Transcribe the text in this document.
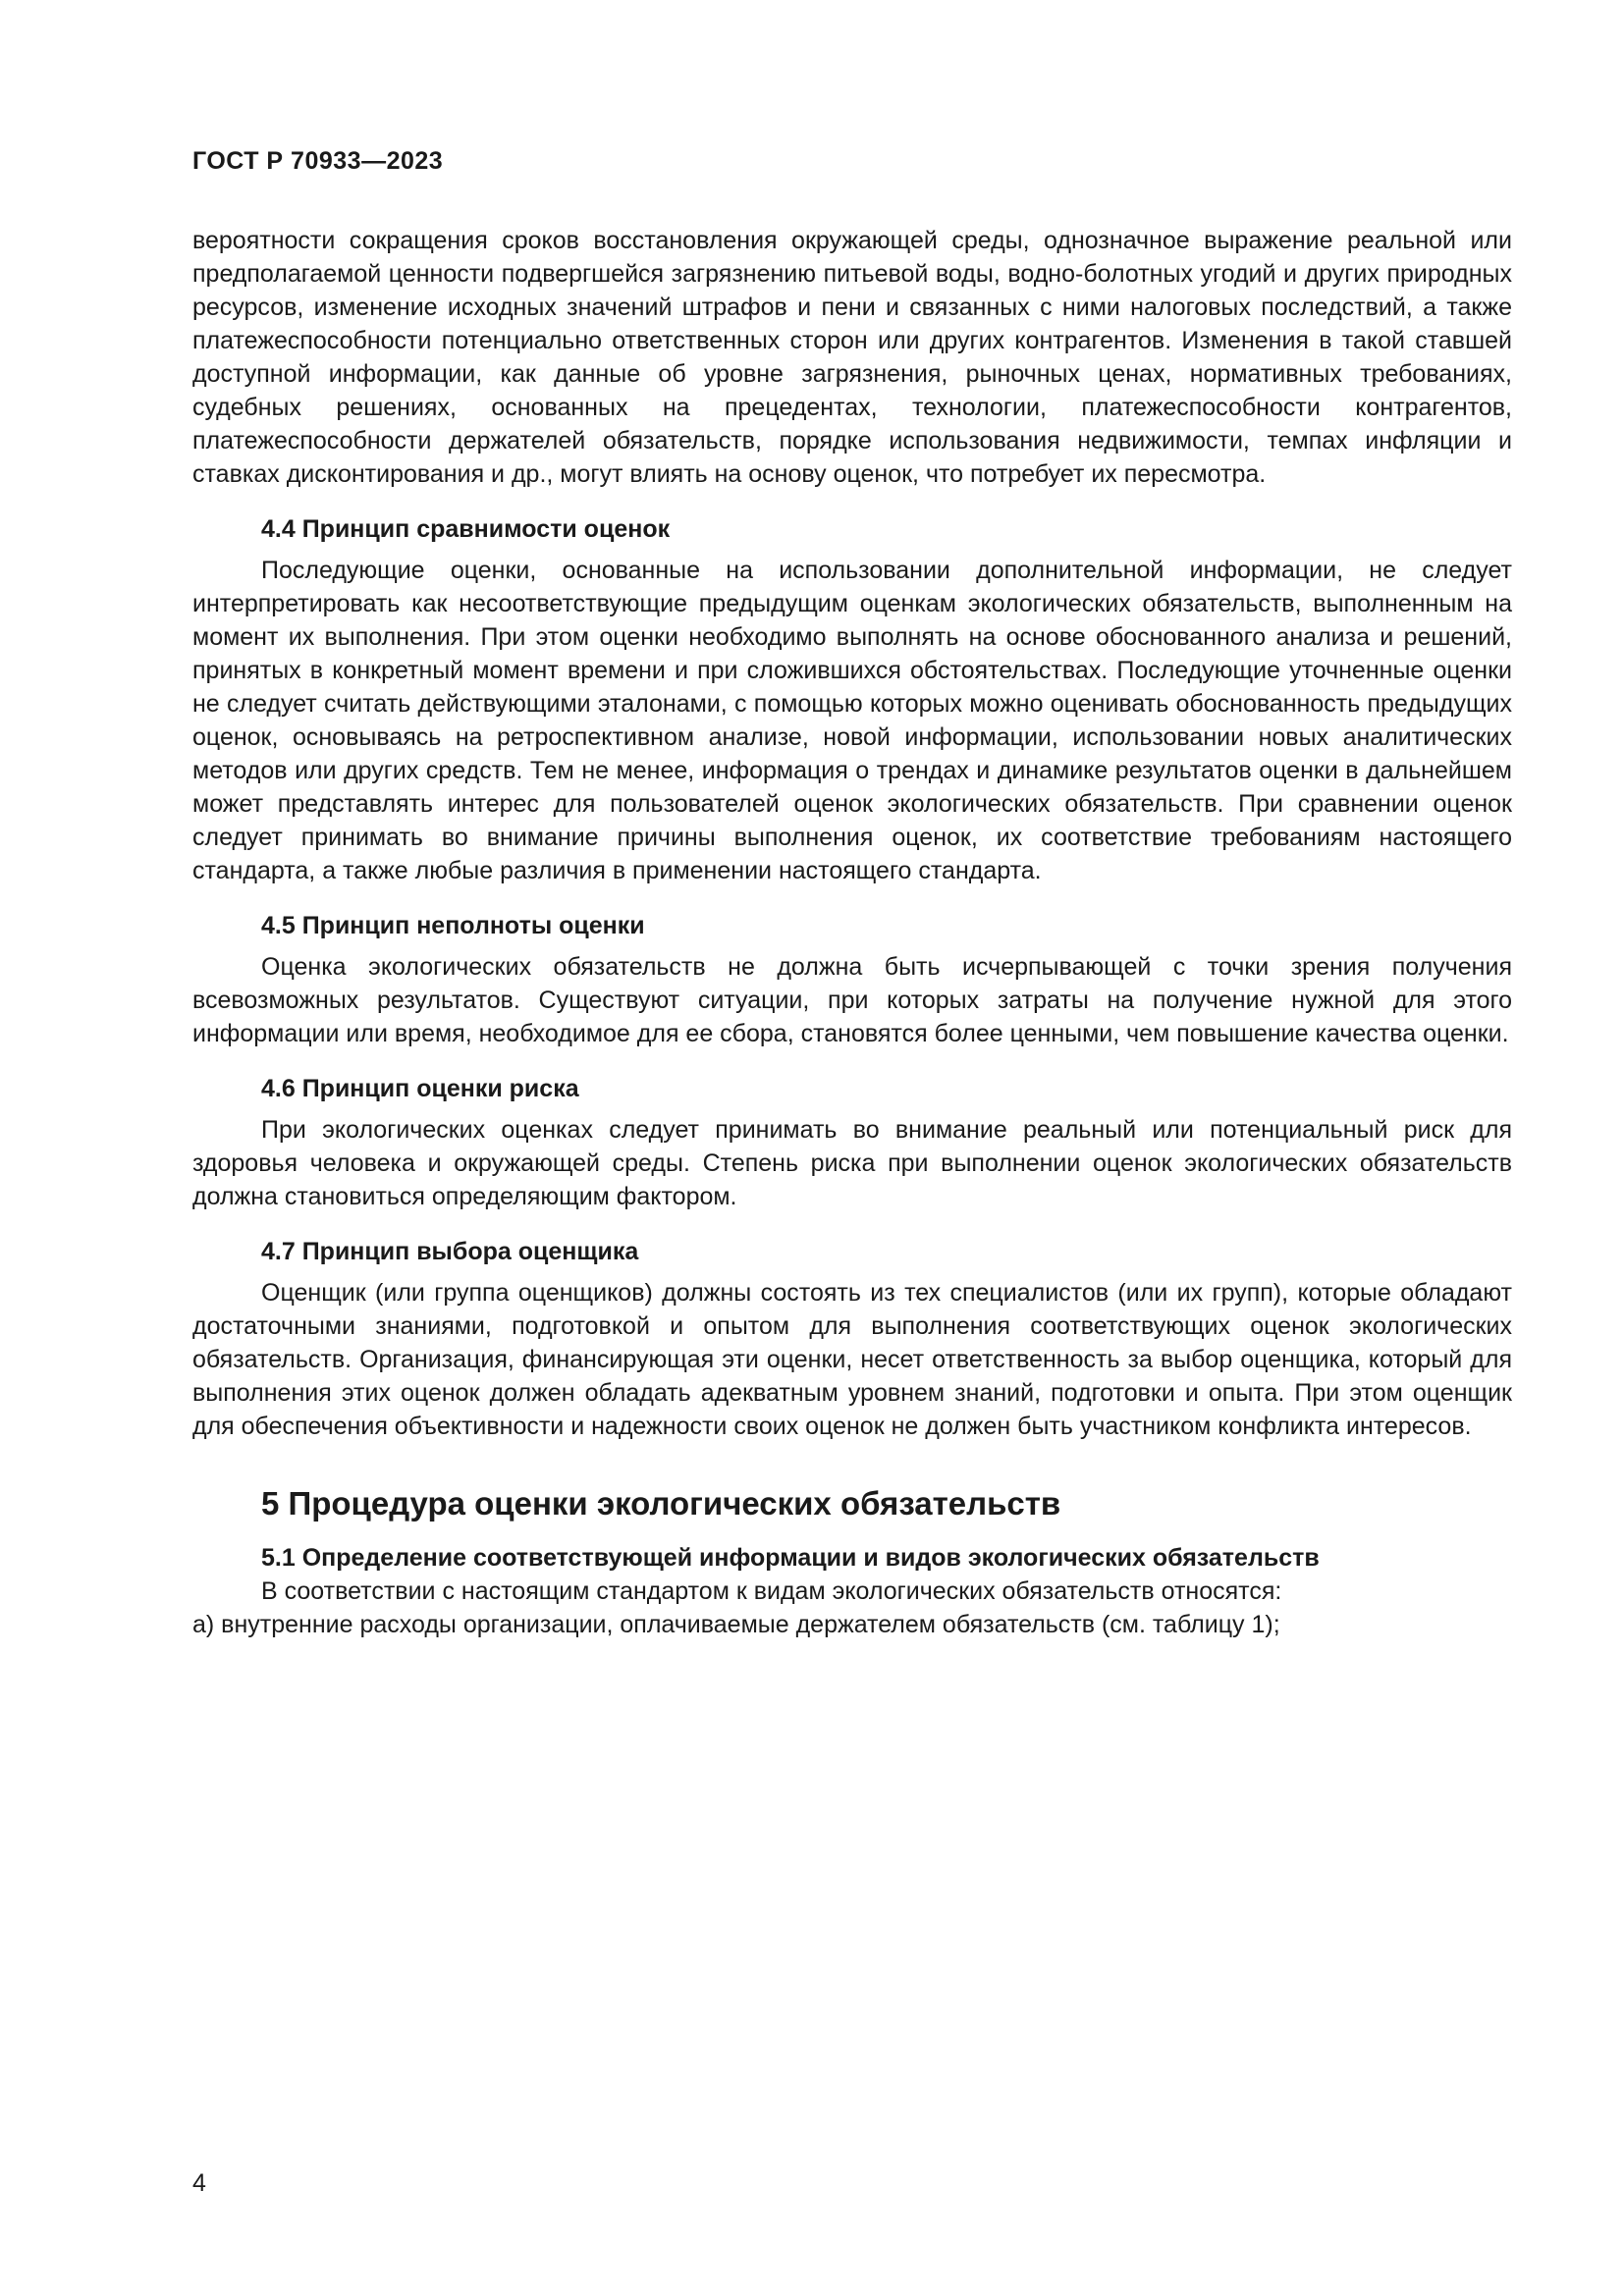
ГОСТ Р 70933—2023

вероятности сокращения сроков восстановления окружающей среды, однозначное выражение реальной или предполагаемой ценности подвергшейся загрязнению питьевой воды, водно-болотных угодий и других природных ресурсов, изменение исходных значений штрафов и пени и связанных с ними налоговых последствий, а также платежеспособности потенциально ответственных сторон или других контрагентов. Изменения в такой ставшей доступной информации, как данные об уровне загрязнения, рыночных ценах, нормативных требованиях, судебных решениях, основанных на прецедентах, технологии, платежеспособности контрагентов, платежеспособности держателей обязательств, порядке использования недвижимости, темпах инфляции и ставках дисконтирования и др., могут влиять на основу оценок, что потребует их пересмотра.

4.4 Принцип сравнимости оценок

Последующие оценки, основанные на использовании дополнительной информации, не следует интерпретировать как несоответствующие предыдущим оценкам экологических обязательств, выполненным на момент их выполнения. При этом оценки необходимо выполнять на основе обоснованного анализа и решений, принятых в конкретный момент времени и при сложившихся обстоятельствах. Последующие уточненные оценки не следует считать действующими эталонами, с помощью которых можно оценивать обоснованность предыдущих оценок, основываясь на ретроспективном анализе, новой информации, использовании новых аналитических методов или других средств. Тем не менее, информация о трендах и динамике результатов оценки в дальнейшем может представлять интерес для пользователей оценок экологических обязательств. При сравнении оценок следует принимать во внимание причины выполнения оценок, их соответствие требованиям настоящего стандарта, а также любые различия в применении настоящего стандарта.

4.5 Принцип неполноты оценки

Оценка экологических обязательств не должна быть исчерпывающей с точки зрения получения всевозможных результатов. Существуют ситуации, при которых затраты на получение нужной для этого информации или время, необходимое для ее сбора, становятся более ценными, чем повышение качества оценки.

4.6 Принцип оценки риска

При экологических оценках следует принимать во внимание реальный или потенциальный риск для здоровья человека и окружающей среды. Степень риска при выполнении оценок экологических обязательств должна становиться определяющим фактором.

4.7 Принцип выбора оценщика

Оценщик (или группа оценщиков) должны состоять из тех специалистов (или их групп), которые обладают достаточными знаниями, подготовкой и опытом для выполнения соответствующих оценок экологических обязательств. Организация, финансирующая эти оценки, несет ответственность за выбор оценщика, который для выполнения этих оценок должен обладать адекватным уровнем знаний, подготовки и опыта. При этом оценщик для обеспечения объективности и надежности своих оценок не должен быть участником конфликта интересов.

5 Процедура оценки экологических обязательств
5.1 Определение соответствующей информации и видов экологических обязательств

В соответствии с настоящим стандартом к видам экологических обязательств относятся:

а) внутренние расходы организации, оплачиваемые держателем обязательств (см. таблицу 1);

4
